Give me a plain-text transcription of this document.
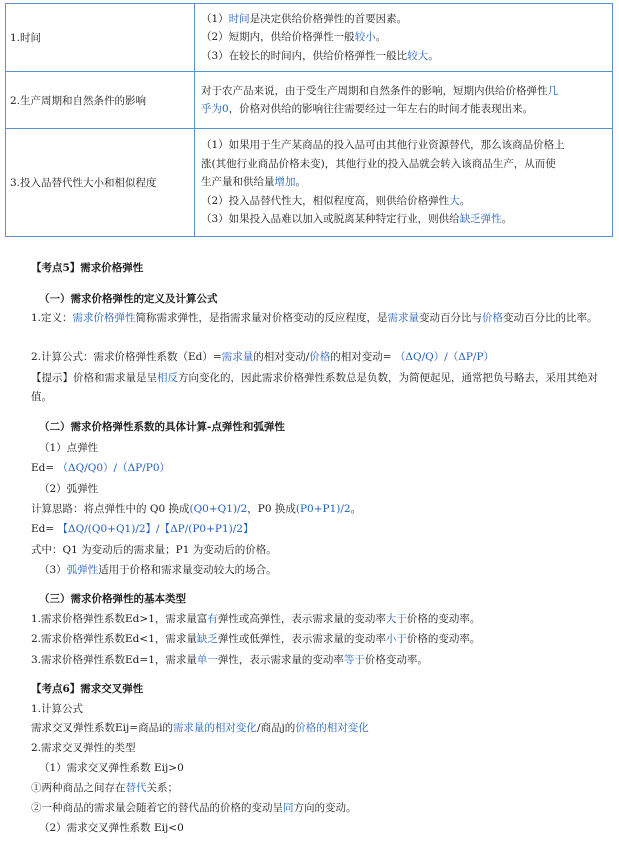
1.时间	（1）时间是决定供给价格弹性的首要因素。
（2）短期内，供给价格弹性一般较小。
（3）在较长的时间内，供给价格弹性一般比较大。

2.生产周期和自然条件的影响	对于农产品来说，由于受生产周期和自然条件的影响，短期内供给价格弹性几
乎为0，价格对供给的影响往往需要经过一年左右的时间才能表现出来。

3.投入品替代性大小和相似程度	（1）如果用于生产某商品的投入品可由其他行业资源替代，那么该商品价格上
涨(其他行业商品价格未变)，其他行业的投入品就会转入该商品生产，从而使
生产量和供给量增加。
（2）投入品替代性大，相似程度高，则供给价格弹性大。
（3）如果投入品难以加入或脱离某种特定行业，则供给缺乏弹性。
【考点5】需求价格弹性
（一）需求价格弹性的定义及计算公式
1.定义：需求价格弹性简称需求弹性，是指需求量对价格变动的反应程度，是需求量变动百分比与价格变动百分比的比率。
2.计算公式：需求价格弹性系数（Ed）=需求量的相对变动/价格的相对变动= （ΔQ/Q）/（ΔP/P）
【提示】价格和需求量是呈相反方向变化的，因此需求价格弹性系数总是负数，为简便起见，通常把负号略去，采用其绝对值。
（二）需求价格弹性系数的具体计算-点弹性和弧弹性
（1）点弹性
Ed= （ΔQ/Q0）/（ΔP/P0）
（2）弧弹性
计算思路：将点弹性中的 Q0 换成(Q0+Q1)/2，P0 换成(P0+P1)/2。
Ed= 【ΔQ/(Q0+Q1)/2】/【ΔP/(P0+P1)/2】
式中：Q1 为变动后的需求量；P1 为变动后的价格。
（3）弧弹性适用于价格和需求量变动较大的场合。
（三）需求价格弹性的基本类型
1.需求价格弹性系数Ed>1，需求量富有弹性或高弹性，表示需求量的变动率大于价格的变动率。
2.需求价格弹性系数Ed<1，需求量缺乏弹性或低弹性，表示需求量的变动率小于价格的变动率。
3.需求价格弹性系数Ed=1，需求量单一弹性，表示需求量的变动率等于价格变动率。
【考点6】需求交叉弹性
1.计算公式
需求交叉弹性系数Eij=商品i的需求量的相对变化/商品j的价格的相对变化
2.需求交叉弹性的类型
（1）需求交叉弹性系数 Eij>0
①两种商品之间存在替代关系；
②一种商品的需求量会随着它的替代品的价格的变动呈同方向的变动。
（2）需求交叉弹性系数 Eij<0
